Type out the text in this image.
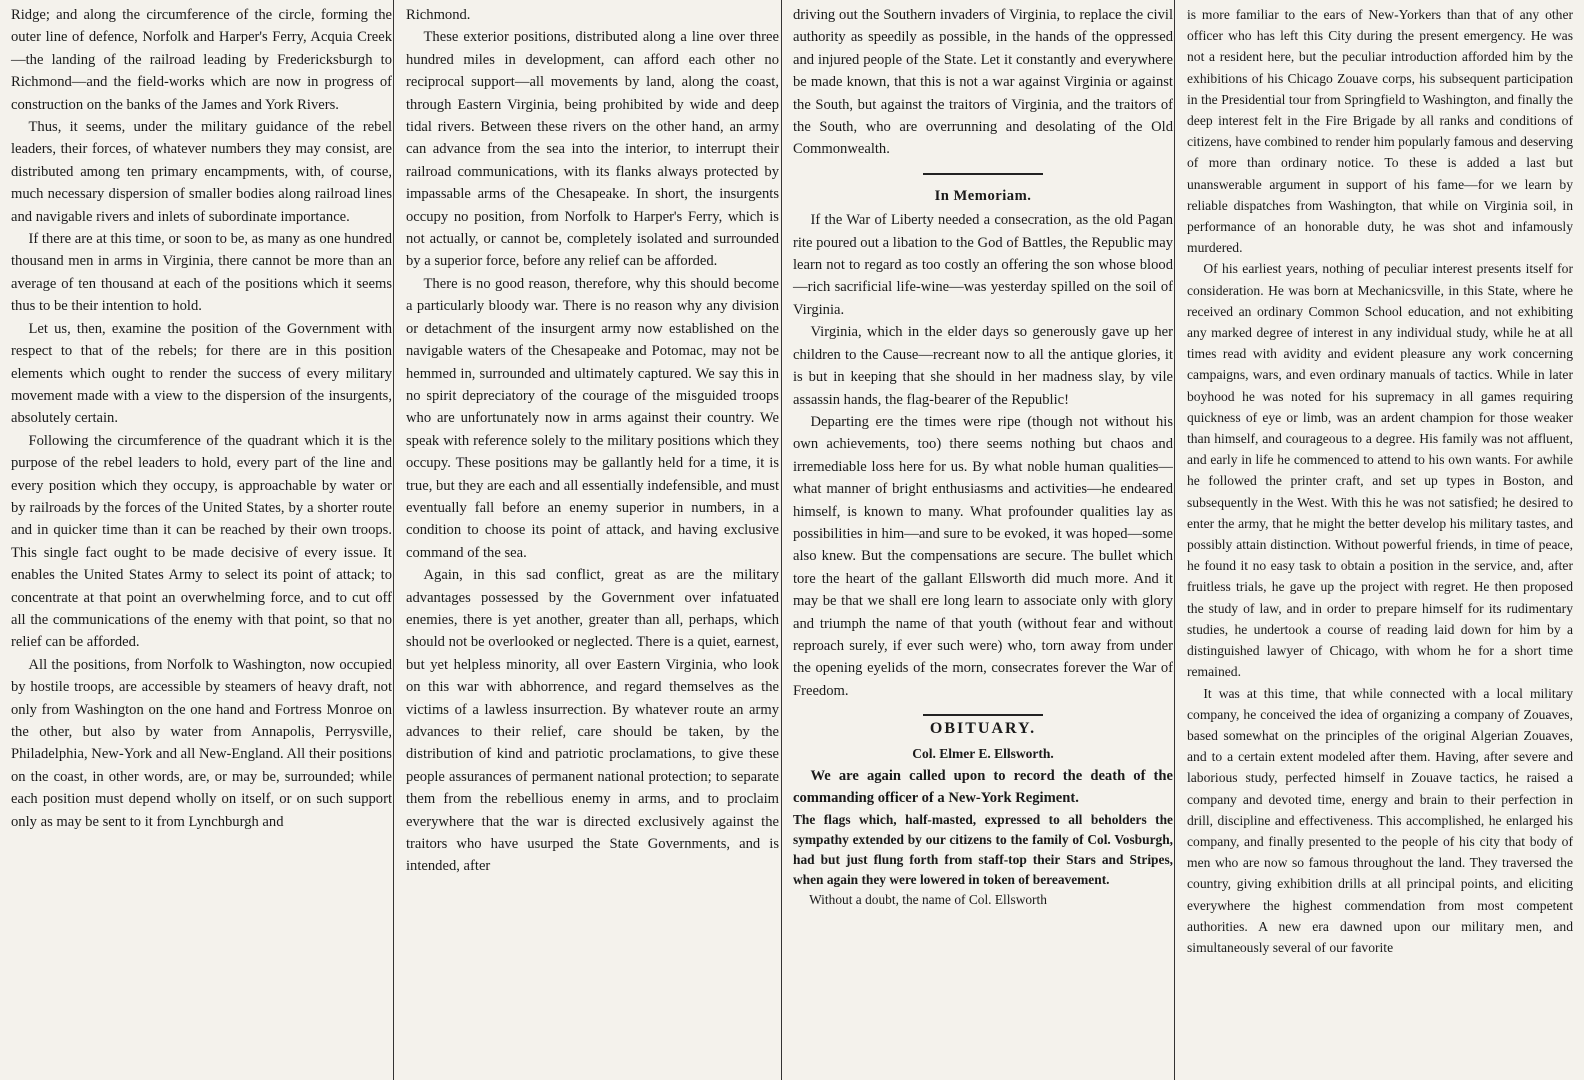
Ridge; and along the circumference of the circle, forming the outer line of defence, Norfolk and Harper's Ferry, Acquia Creek—the landing of the railroad leading by Fredericksburgh to Richmond—and the field-works which are now in progress of construction on the banks of the James and York Rivers.

Thus, it seems, under the military guidance of the rebel leaders, their forces, of whatever numbers they may consist, are distributed among ten primary encampments, with, of course, much necessary dispersion of smaller bodies along railroad lines and navigable rivers and inlets of subordinate importance.

If there are at this time, or soon to be, as many as one hundred thousand men in arms in Virginia, there cannot be more than an average of ten thousand at each of the positions which it seems thus to be their intention to hold.

Let us, then, examine the position of the Government with respect to that of the rebels; for there are in this position elements which ought to render the success of every military movement made with a view to the dispersion of the insurgents, absolutely certain.

Following the circumference of the quadrant which it is the purpose of the rebel leaders to hold, every part of the line and every position which they occupy, is approachable by water or by railroads by the forces of the United States, by a shorter route and in quicker time than it can be reached by their own troops. This single fact ought to be made decisive of every issue. It enables the United States Army to select its point of attack; to concentrate at that point an overwhelming force, and to cut off all the communications of the enemy with that point, so that no relief can be afforded.

All the positions, from Norfolk to Washington, now occupied by hostile troops, are accessible by steamers of heavy draft, not only from Washington on the one hand and Fortress Monroe on the other, but also by water from Annapolis, Perrysville, Philadelphia, New-York and all New-England. All their positions on the coast, in other words, are, or may be, surrounded; while each position must depend wholly on itself, or on such support only as may be sent to it from Lynchburgh and

Richmond.

These exterior positions, distributed along a line over three hundred miles in development, can afford each other no reciprocal support—all movements by land, along the coast, through Eastern Virginia, being prohibited by wide and deep tidal rivers. Between these rivers on the other hand, an army can advance from the sea into the interior, to interrupt their railroad communications, with its flanks always protected by impassable arms of the Chesapeake. In short, the insurgents occupy no position, from Norfolk to Harper's Ferry, which is not actually, or cannot be, completely isolated and surrounded by a superior force, before any relief can be afforded.

There is no good reason, therefore, why this should become a particularly bloody war. There is no reason why any division or detachment of the insurgent army now established on the navigable waters of the Chesapeake and Potomac, may not be hemmed in, surrounded and ultimately captured. We say this in no spirit depreciatory of the courage of the misguided troops who are unfortunately now in arms against their country. We speak with reference solely to the military positions which they occupy. These positions may be gallantly held for a time, it is true, but they are each and all essentially indefensible, and must eventually fall before an enemy superior in numbers, in a condition to choose its point of attack, and having exclusive command of the sea.

Again, in this sad conflict, great as are the military advantages possessed by the Government over infatuated enemies, there is yet another, greater than all, perhaps, which should not be overlooked or neglected. There is a quiet, earnest, but yet helpless minority, all over Eastern Virginia, who look on this war with abhorrence, and regard themselves as the victims of a lawless insurrection. By whatever route an army advances to their relief, care should be taken, by the distribution of kind and patriotic proclamations, to give these people assurances of permanent national protection; to separate them from the rebellious enemy in arms, and to proclaim everywhere that the war is directed exclusively against the traitors who have usurped the State Governments, and is intended, after

driving out the Southern invaders of Virginia, to replace the civil authority as speedily as possible, in the hands of the oppressed and injured people of the State. Let it constantly and everywhere be made known, that this is not a war against Virginia or against the South, but against the traitors of Virginia, and the traitors of the South, who are overrunning and desolating of the Old Commonwealth.

In Memoriam.

If the War of Liberty needed a consecration, as the old Pagan rite poured out a libation to the God of Battles, the Republic may learn not to regard as too costly an offering the son whose blood—rich sacrificial life-wine—was yesterday spilled on the soil of Virginia.

Virginia, which in the elder days so generously gave up her children to the Cause—recreant now to all the antique glories, it is but in keeping that she should in her madness slay, by vile assassin hands, the flag-bearer of the Republic!

Departing ere the times were ripe (though not without his own achievements, too) there seems nothing but chaos and irremediable loss here for us. By what noble human qualities—what manner of bright enthusiasms and activities—he endeared himself, is known to many. What profounder qualities lay as possibilities in him—and sure to be evoked, it was hoped—some also knew. But the compensations are secure. The bullet which tore the heart of the gallant Ellsworth did much more. And it may be that we shall ere long learn to associate only with glory and triumph the name of that youth (without fear and without reproach surely, if ever such were) who, torn away from under the opening eyelids of the morn, consecrates forever the War of Freedom.

OBITUARY.
Col. Elmer E. Ellsworth.

We are again called upon to record the death of the commanding officer of a New-York Regiment.

The flags which, half-masted, expressed to all beholders the sympathy extended by our citizens to the family of Col. Vosburgh, had but just flung forth from staff-top their Stars and Stripes, when again they were lowered in token of bereavement.

Without a doubt, the name of Col. Ellsworth

is more familiar to the ears of New-Yorkers than that of any other officer who has left this City during the present emergency. He was not a resident here, but the peculiar introduction afforded him by the exhibitions of his Chicago Zouave corps, his subsequent participation in the Presidential tour from Springfield to Washington, and finally the deep interest felt in the Fire Brigade by all ranks and conditions of citizens, have combined to render him popularly famous and deserving of more than ordinary notice. To these is added a last but unanswerable argument in support of his fame—for we learn by reliable dispatches from Washington, that while on Virginia soil, in performance of an honorable duty, he was shot and infamously murdered.

Of his earliest years, nothing of peculiar interest presents itself for consideration. He was born at Mechanicsville, in this State, where he received an ordinary Common School education, and not exhibiting any marked degree of interest in any individual study, while he at all times read with avidity and evident pleasure any work concerning campaigns, wars, and even ordinary manuals of tactics. While in later boyhood he was noted for his supremacy in all games requiring quickness of eye or limb, was an ardent champion for those weaker than himself, and courageous to a degree. His family was not affluent, and early in life he commenced to attend to his own wants. For awhile he followed the printer craft, and set up types in Boston, and subsequently in the West. With this he was not satisfied; he desired to enter the army, that he might the better develop his military tastes, and possibly attain distinction. Without powerful friends, in time of peace, he found it no easy task to obtain a position in the service, and, after fruitless trials, he gave up the project with regret. He then proposed the study of law, and in order to prepare himself for its rudimentary studies, he undertook a course of reading laid down for him by a distinguished lawyer of Chicago, with whom he for a short time remained.

It was at this time, that while connected with a local military company, he conceived the idea of organizing a company of Zouaves, based somewhat on the principles of the original Algerian Zouaves, and to a certain extent modeled after them. Having, after severe and laborious study, perfected himself in Zouave tactics, he raised a company and devoted time, energy and brain to their perfection in drill, discipline and effectiveness. This accomplished, he enlarged his company, and finally presented to the people of his city that body of men who are now so famous throughout the land. They traversed the country, giving exhibition drills at all principal points, and eliciting everywhere the highest commendation from most competent authorities. A new era dawned upon our military men, and simultaneously several of our favorite
